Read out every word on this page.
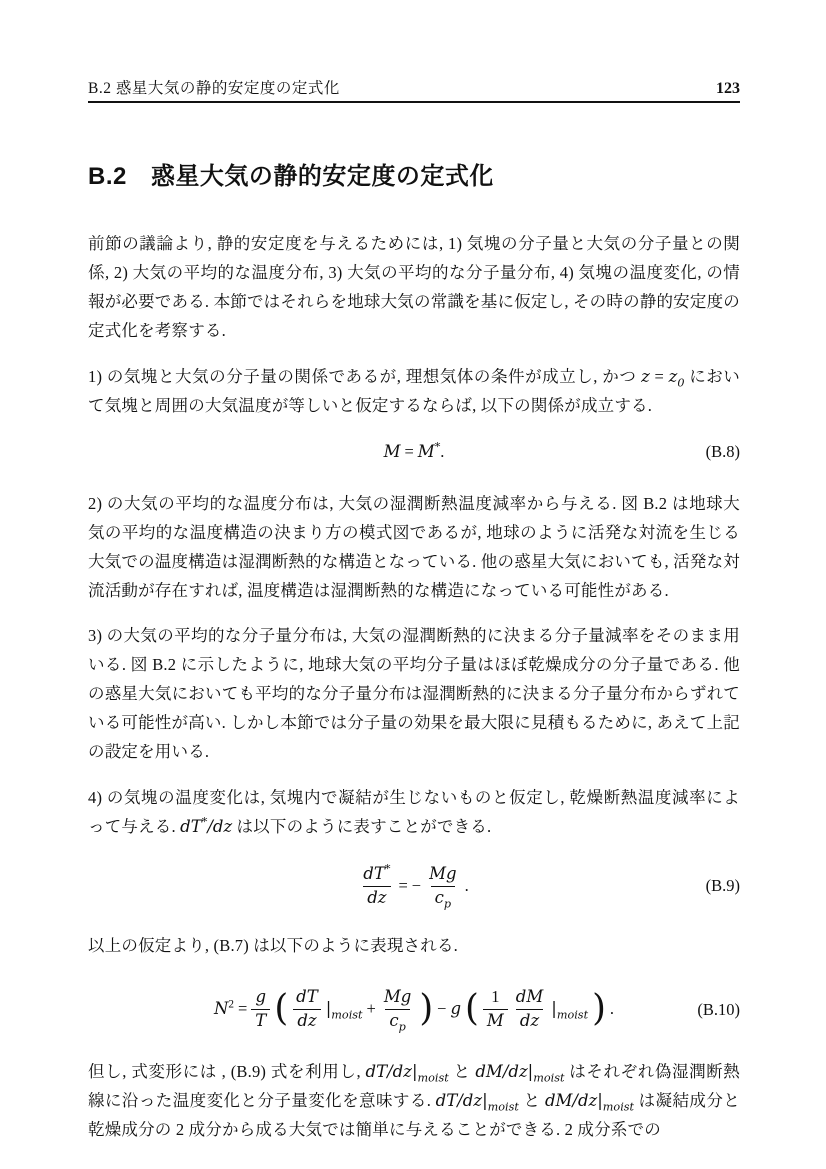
B.2 惑星大気の静的安定度の定式化	123
B.2 惑星大気の静的安定度の定式化

前節の議論より, 静的安定度を与えるためには, 1) 気塊の分子量と大気の分子量との関係, 2) 大気の平均的な温度分布, 3) 大気の平均的な分子量分布, 4) 気塊の温度変化, の情報が必要である. 本節ではそれらを地球大気の常識を基に仮定し, その時の静的安定度の定式化を考察する.

1) の気塊と大気の分子量の関係であるが, 理想気体の条件が成立し, かつ $z = z_0$ において気塊と周囲の大気温度が等しいと仮定するならば, 以下の関係が成立する.

M = M*.	(B.8)

2) の大気の平均的な温度分布は, 大気の湿潤断熱温度減率から与える. 図 B.2 は地球大気の平均的な温度構造の決まり方の模式図であるが, 地球のように活発な対流を生じる大気での温度構造は湿潤断熱的な構造となっている. 他の惑星大気においても, 活発な対流活動が存在すれば, 温度構造は湿潤断熱的な構造になっている可能性がある.

3) の大気の平均的な分子量分布は, 大気の湿潤断熱的に決まる分子量減率をそのまま用いる. 図 B.2 に示したように, 地球大気の平均分子量はほぼ乾燥成分の分子量である. 他の惑星大気においても平均的な分子量分布は湿潤断熱的に決まる分子量分布からずれている可能性が高い. しかし本節では分子量の効果を最大限に見積もるために, あえて上記の設定を用いる.

4) の気塊の温度変化は, 気塊内で凝結が生じないものと仮定し, 乾燥断熱温度減率によって与える. dT*/dz は以下のように表すことができる.

$\frac{dT^*}{dz}$ = − $\frac{Mg}{c_p}$ .	(B.9)

以上の仮定より, (B.7) は以下のように表現される.

$N^2 = \frac{g}{T}$ ( $\frac{dT}{dz} |_{moist} + \frac{Mg}{c_p}$ ) − g ( $\frac{1}{M} \frac{dM}{dz} |_{moist}$ ) .	(B.10)

但し, 式変形には , (B.9) 式を利用し, $dT/dz|_{moist}$ と $dM/dz|_{moist}$ はそれぞれ偽湿潤断熱線に沿った温度変化と分子量変化を意味する. $dT/dz|_{moist}$ と $dM/dz|_{moist}$ は凝結成分と乾燥成分の 2 成分から成る大気では簡単に与えることができる. 2 成分系での
